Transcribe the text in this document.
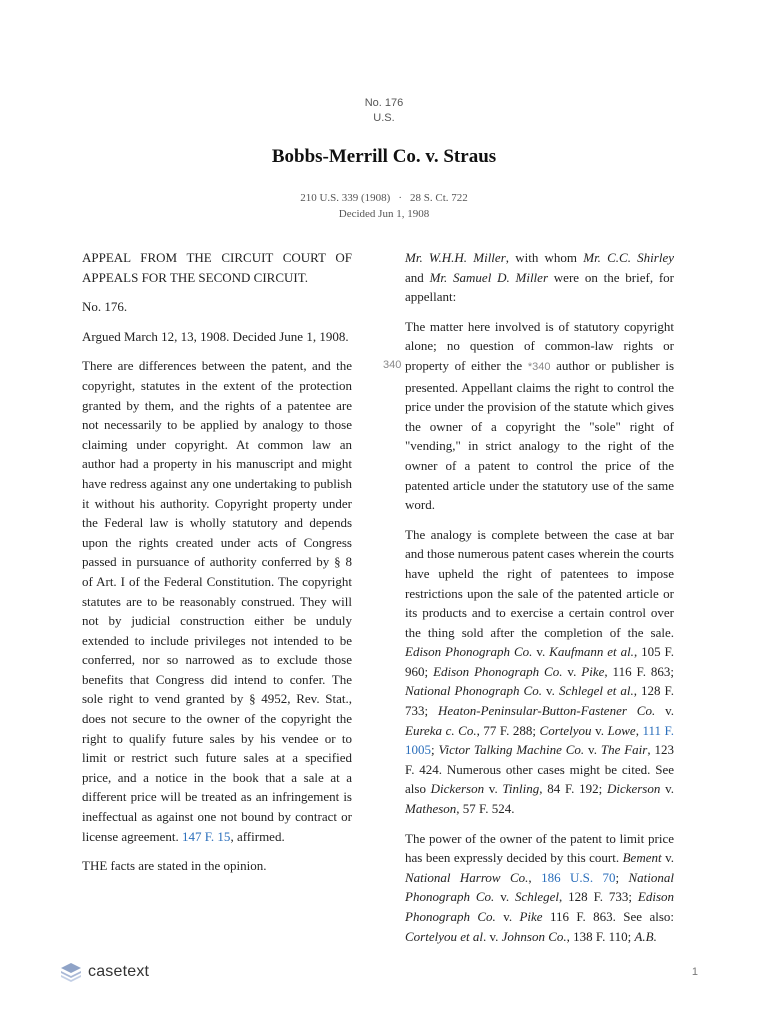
No. 176
U.S.
Bobbs-Merrill Co. v. Straus
210 U.S. 339 (1908) · 28 S. Ct. 722
Decided Jun 1, 1908

APPEAL FROM THE CIRCUIT COURT OF APPEALS FOR THE SECOND CIRCUIT.

No. 176.

Argued March 12, 13, 1908. Decided June 1, 1908.

There are differences between the patent, and the copyright, statutes in the extent of the protection granted by them, and the rights of a patentee are not necessarily to be applied by analogy to those claiming under copyright. At common law an author had a property in his manuscript and might have redress against any one undertaking to publish it without his authority. Copyright property under the Federal law is wholly statutory and depends upon the rights created under acts of Congress passed in pursuance of authority conferred by § 8 of Art. I of the Federal Constitution. The copyright statutes are to be reasonably construed. They will not by judicial construction either be unduly extended to include privileges not intended to be conferred, nor so narrowed as to exclude those benefits that Congress did intend to confer. The sole right to vend granted by § 4952, Rev. Stat., does not secure to the owner of the copyright the right to qualify future sales by his vendee or to limit or restrict such future sales at a specified price, and a notice in the book that a sale at a different price will be treated as an infringement is ineffectual as against one not bound by contract or license agreement. 147 F. 15, affirmed.

THE facts are stated in the opinion.

340

Mr. W.H.H. Miller, with whom Mr. C.C. Shirley and Mr. Samuel D. Miller were on the brief, for appellant:

The matter here involved is of statutory copyright alone; no question of common-law rights or property of either the *340 author or publisher is presented. Appellant claims the right to control the price under the provision of the statute which gives the owner of a copyright the "sole" right of "vending," in strict analogy to the right of the owner of a patent to control the price of the patented article under the statutory use of the same word.

The analogy is complete between the case at bar and those numerous patent cases wherein the courts have upheld the right of patentees to impose restrictions upon the sale of the patented article or its products and to exercise a certain control over the thing sold after the completion of the sale. Edison Phonograph Co. v. Kaufmann et al., 105 F. 960; Edison Phonograph Co. v. Pike, 116 F. 863; National Phonograph Co. v. Schlegel et al., 128 F. 733; Heaton-Peninsular-Button-Fastener Co. v. Eureka c. Co., 77 F. 288; Cortelyou v. Lowe, 111 F. 1005; Victor Talking Machine Co. v. The Fair, 123 F. 424. Numerous other cases might be cited. See also Dickerson v. Tinling, 84 F. 192; Dickerson v. Matheson, 57 F. 524.

The power of the owner of the patent to limit price has been expressly decided by this court. Bement v. National Harrow Co., 186 U.S. 70; National Phonograph Co. v. Schlegel, 128 F. 733; Edison Phonograph Co. v. Pike 116 F. 863. See also: Cortelyou et al. v. Johnson Co., 138 F. 110; A.B.

casetext	1
